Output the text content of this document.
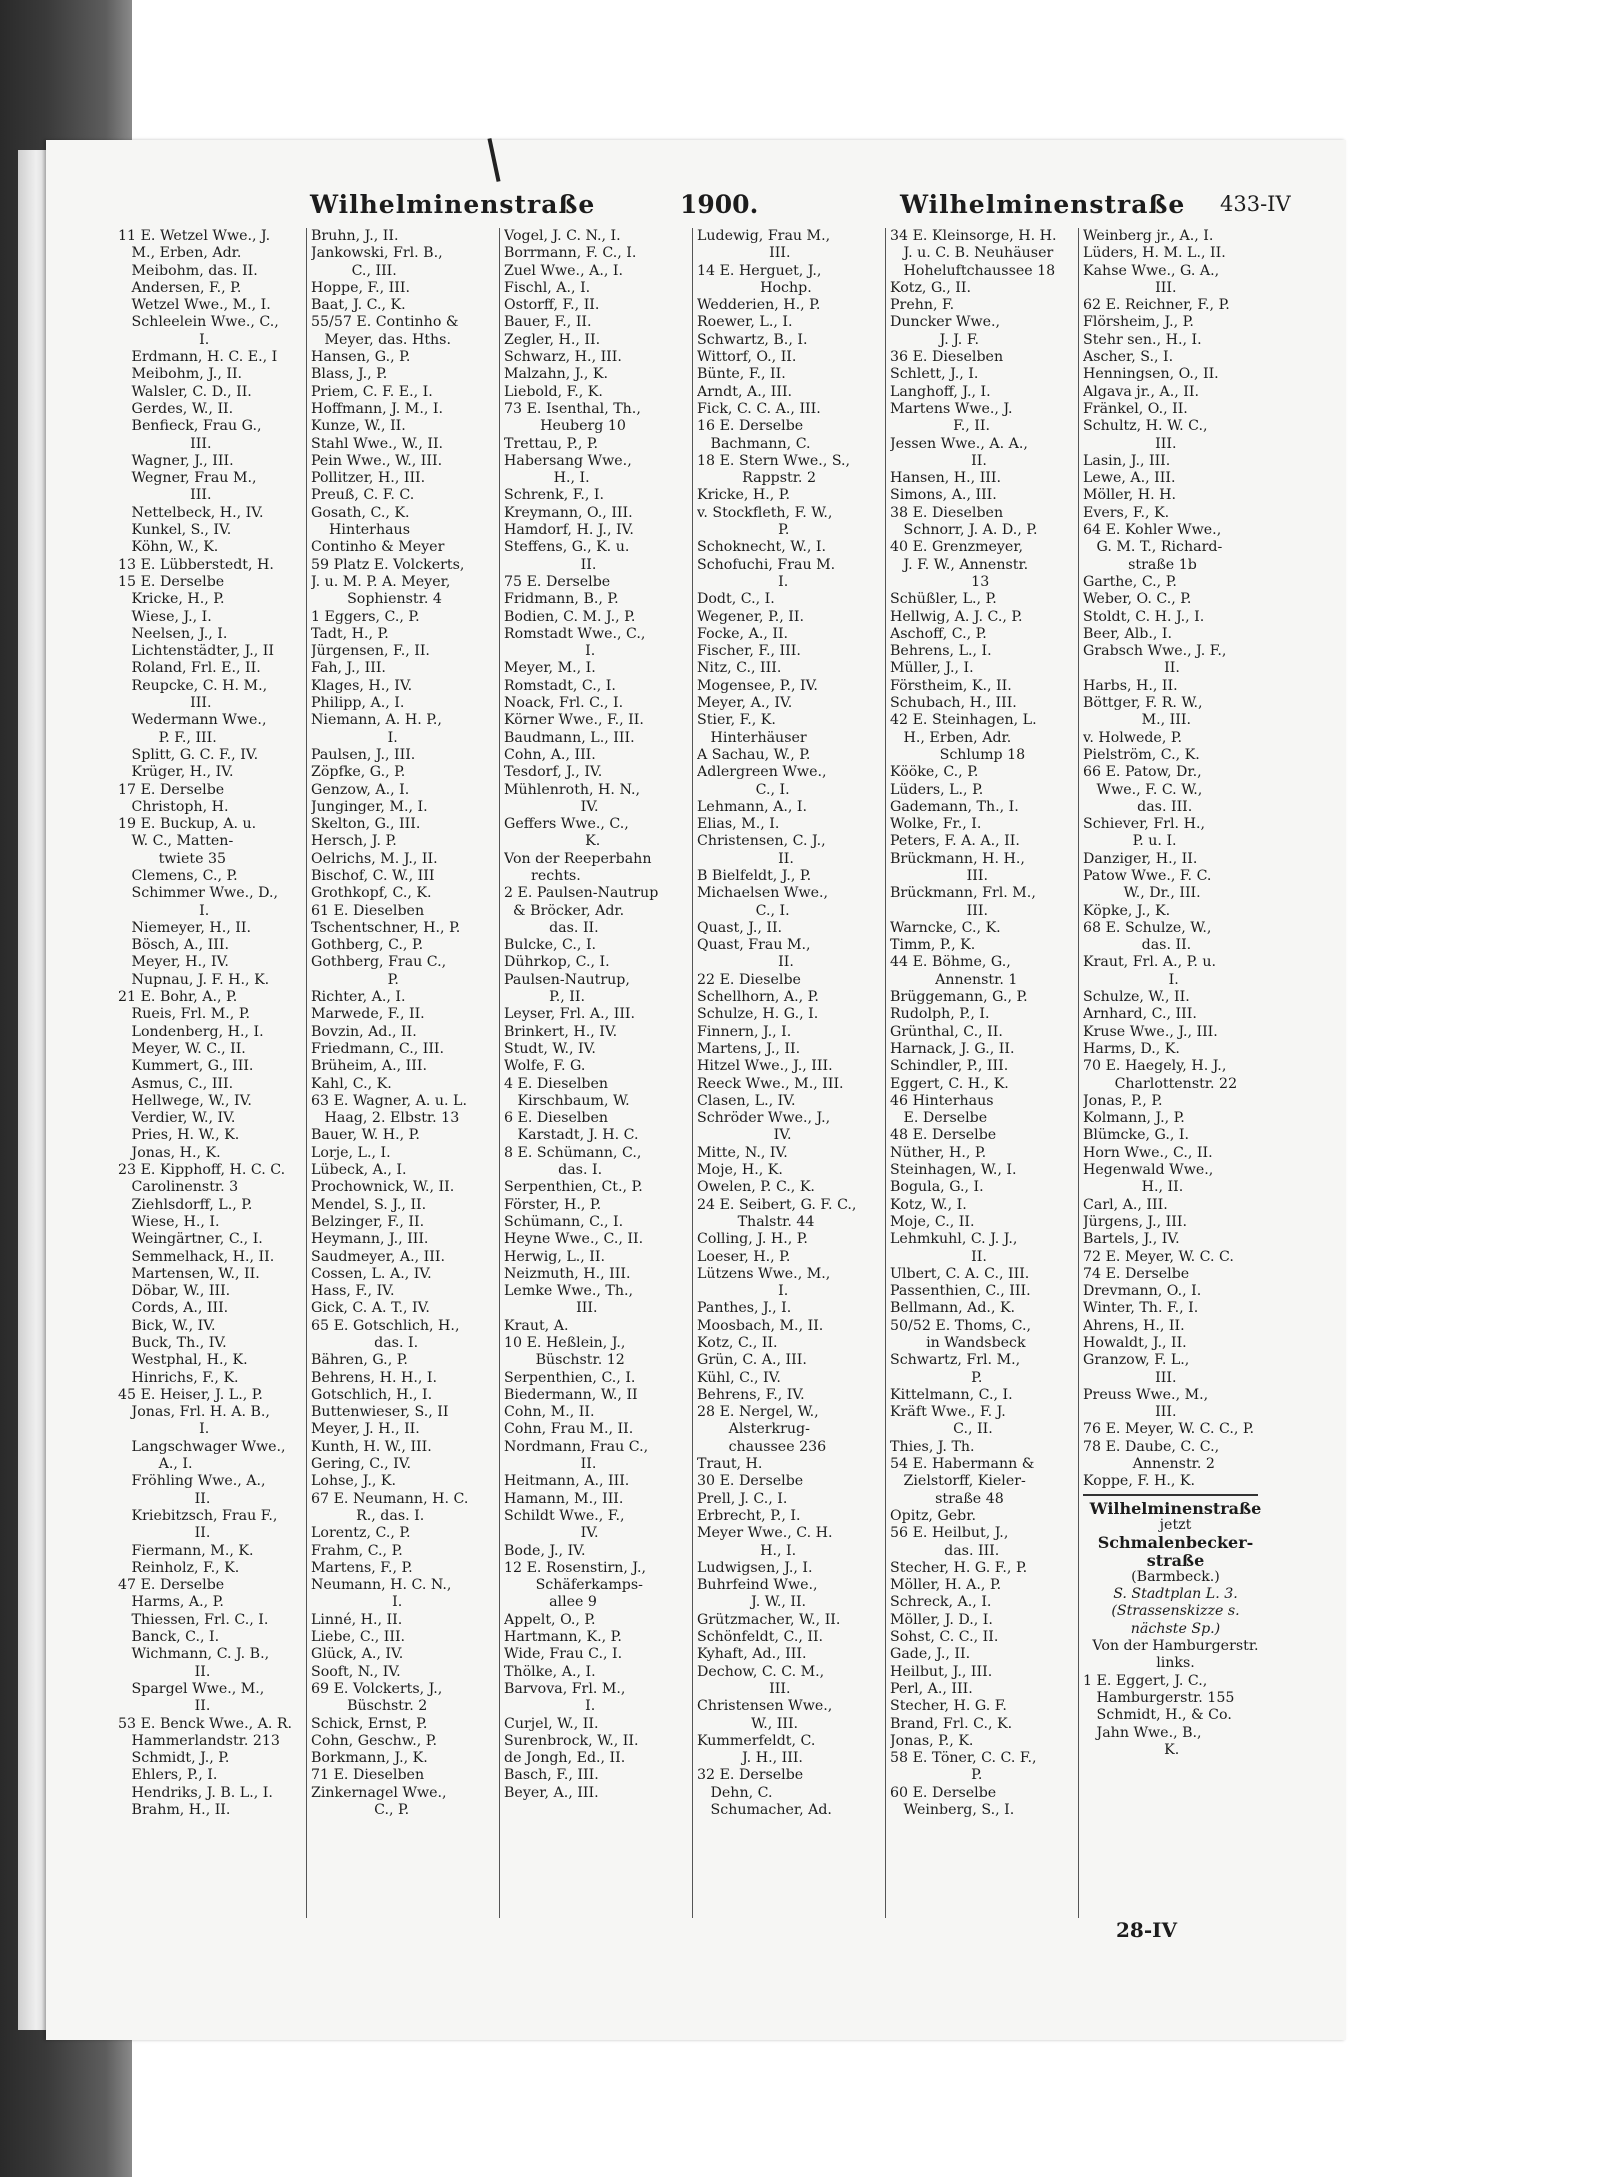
Wilhelminenstraße	1900.	Wilhelminenstraße 433-IV
11 E. Wetzel Wwe., J.
M., Erben, Adr.
Meibohm, das. II.
Andersen, F., P.
Wetzel Wwe., M., I.
Schleelein Wwe., C.,
I.
Erdmann, H. C. E., I
Meibohm, J., II.
Walsler, C. D., II.
Gerdes, W., II.
Benfieck, Frau G.,
III.
Wagner, J., III.
Wegner, Frau M.,
III.
Nettelbeck, H., IV.
Kunkel, S., IV.
Köhn, W., K.
13 E. Lübberstedt, H.
15 E. Derselbe
Kricke, H., P.
Wiese, J., I.
Neelsen, J., I.
Lichtenstädter, J., II
Roland, Frl. E., II.
Reupcke, C. H. M.,
III.
Wedermann Wwe.,
P. F., III.
Splitt, G. C. F., IV.
Krüger, H., IV.
17 E. Derselbe
Christoph, H.
19 E. Buckup, A. u.
W. C., Matten-
twiete 35
Clemens, C., P.
Schimmer Wwe., D.,
I.
Niemeyer, H., II.
Bösch, A., III.
Meyer, H., IV.
Nupnau, J. F. H., K.
21 E. Bohr, A., P.
Rueis, Frl. M., P.
Londenberg, H., I.
Meyer, W. C., II.
Kummert, G., III.
Asmus, C., III.
Hellwege, W., IV.
Verdier, W., IV.
Pries, H. W., K.
Jonas, H., K.
23 E. Kipphoff, H. C. C.
Carolinenstr. 3
Ziehlsdorff, L., P.
Wiese, H., I.
Weingärtner, C., I.
Semmelhack, H., II.
Martensen, W., II.
Döbar, W., III.
Cords, A., III.
Bick, W., IV.
Buck, Th., IV.
Westphal, H., K.
Hinrichs, F., K.
45 E. Heiser, J. L., P.
Jonas, Frl. H. A. B.,
I.
Langschwager Wwe.,
A., I.
Fröhling Wwe., A.,
II.
Kriebitzsch, Frau F.,
II.
Fiermann, M., K.
Reinholz, F., K.
47 E. Derselbe
Harms, A., P.
Thiessen, Frl. C., I.
Banck, C., I.
Wichmann, C. J. B.,
II.
Spargel Wwe., M.,
II.
53 E. Benck Wwe., A. R.
Hammerlandstr. 213
Schmidt, J., P.
Ehlers, P., I.
Hendriks, J. B. L., I.
Brahm, H., II.
Bruhn, J., II.
Jankowski, Frl. B.,
C., III.
Hoppe, F., III.
Baat, J. C., K.
55/57 E. Continho &
Meyer, das. Hths.
Hansen, G., P.
Blass, J., P.
Priem, C. F. E., I.
Hoffmann, J. M., I.
Kunze, W., II.
Stahl Wwe., W., II.
Pein Wwe., W., III.
Pollitzer, H., III.
Preuß, C. F. C.
Gosath, C., K.
Hinterhaus
Continho & Meyer
59 Platz E. Volckerts,
J. u. M. P. A. Meyer,
Sophienstr. 4
1 Eggers, C., P.
Tadt, H., P.
Jürgensen, F., II.
Fah, J., III.
Klages, H., IV.
Philipp, A., I.
Niemann, A. H. P.,
I.
Paulsen, J., III.
Zöpfke, G., P.
Genzow, A., I.
Junginger, M., I.
Skelton, G., III.
Hersch, J. P.
Oelrichs, M. J., II.
Bischof, C. W., III
Grothkopf, C., K.
61 E. Dieselben
Tschentschner, H., P.
Gothberg, C., P.
Gothberg, Frau C.,
P.
Richter, A., I.
Marwede, F., II.
Bovzin, Ad., II.
Friedmann, C., III.
Brüheim, A., III.
Kahl, C., K.
63 E. Wagner, A. u. L.
Haag, 2. Elbstr. 13
Bauer, W. H., P.
Lorje, L., I.
Lübeck, A., I.
Prochownick, W., II.
Mendel, S. J., II.
Belzinger, F., II.
Heymann, J., III.
Saudmeyer, A., III.
Cossen, L. A., IV.
Hass, F., IV.
Gick, C. A. T., IV.
65 E. Gotschlich, H.,
das. I.
Bähren, G., P.
Behrens, H. H., I.
Gotschlich, H., I.
Buttenwieser, S., II
Meyer, J. H., II.
Kunth, H. W., III.
Gering, C., IV.
Lohse, J., K.
67 E. Neumann, H. C.
R., das. I.
Lorentz, C., P.
Frahm, C., P.
Martens, F., P.
Neumann, H. C. N.,
I.
Linné, H., II.
Liebe, C., III.
Glück, A., IV.
Sooft, N., IV.
69 E. Volckerts, J.,
Büschstr. 2
Schick, Ernst, P.
Cohn, Geschw., P.
Borkmann, J., K.
71 E. Dieselben
Zinkernagel Wwe.,
C., P.
Vogel, J. C. N., I.
Borrmann, F. C., I.
Zuel Wwe., A., I.
Fischl, A., I.
Ostorff, F., II.
Bauer, F., II.
Zegler, H., II.
Schwarz, H., III.
Malzahn, J., K.
Liebold, F., K.
73 E. Isenthal, Th.,
Heuberg 10
Trettau, P., P.
Habersang Wwe.,
H., I.
Schrenk, F., I.
Kreymann, O., III.
Hamdorf, H. J., IV.
Steffens, G., K. u.
II.
75 E. Derselbe
Fridmann, B., P.
Bodien, C. M. J., P.
Romstadt Wwe., C.,
I.
Meyer, M., I.
Romstadt, C., I.
Noack, Frl. C., I.
Körner Wwe., F., II.
Baudmann, L., III.
Cohn, A., III.
Tesdorf, J., IV.
Mühlenroth, H. N.,
IV.
Geffers Wwe., C.,
K.
Von der Reeperbahn
rechts.
2 E. Paulsen-Nautrup
& Bröcker, Adr.
das. II.
Bulcke, C., I.
Dührkop, C., I.
Paulsen-Nautrup,
P., II.
Leyser, Frl. A., III.
Brinkert, H., IV.
Studt, W., IV.
Wolfe, F. G.
4 E. Dieselben
Kirschbaum, W.
6 E. Dieselben
Karstadt, J. H. C.
8 E. Schümann, C.,
das. I.
Serpenthien, Ct., P.
Förster, H., P.
Schümann, C., I.
Heyne Wwe., C., II.
Herwig, L., II.
Neizmuth, H., III.
Lemke Wwe., Th.,
III.
Kraut, A.
10 E. Heßlein, J.,
Büschstr. 12
Serpenthien, C., I.
Biedermann, W., II
Cohn, M., II.
Cohn, Frau M., II.
Nordmann, Frau C.,
II.
Heitmann, A., III.
Hamann, M., III.
Schildt Wwe., F.,
IV.
Bode, J., IV.
12 E. Rosenstirn, J.,
Schäferkamps-
allee 9
Appelt, O., P.
Hartmann, K., P.
Wide, Frau C., I.
Thölke, A., I.
Barvova, Frl. M.,
I.
Curjel, W., II.
Surenbrock, W., II.
de Jongh, Ed., II.
Basch, F., III.
Beyer, A., III.
Ludewig, Frau M.,
III.
14 E. Herguet, J.,
Hochp.
Wedderien, H., P.
Roewer, L., I.
Schwartz, B., I.
Wittorf, O., II.
Bünte, F., II.
Arndt, A., III.
Fick, C. C. A., III.
16 E. Derselbe
Bachmann, C.
18 E. Stern Wwe., S.,
Rappstr. 2
Kricke, H., P.
v. Stockfleth, F. W.,
P.
Schoknecht, W., I.
Schofuchi, Frau M.
I.
Dodt, C., I.
Wegener, P., II.
Focke, A., II.
Fischer, F., III.
Nitz, C., III.
Mogensee, P., IV.
Meyer, A., IV.
Stier, F., K.
Hinterhäuser
A Sachau, W., P.
Adlergreen Wwe.,
C., I.
Lehmann, A., I.
Elias, M., I.
Christensen, C. J.,
II.
B Bielfeldt, J., P.
Michaelsen Wwe.,
C., I.
Quast, J., II.
Quast, Frau M.,
II.
22 E. Dieselbe
Schellhorn, A., P.
Schulze, H. G., I.
Finnern, J., I.
Martens, J., II.
Hitzel Wwe., J., III.
Reeck Wwe., M., III.
Clasen, L., IV.
Schröder Wwe., J.,
IV.
Mitte, N., IV.
Moje, H., K.
Owelen, P. C., K.
24 E. Seibert, G. F. C.,
Thalstr. 44
Colling, J. H., P.
Loeser, H., P.
Lützens Wwe., M.,
I.
Panthes, J., I.
Moosbach, M., II.
Kotz, C., II.
Grün, C. A., III.
Kühl, C., IV.
Behrens, F., IV.
28 E. Nergel, W.,
Alsterkrug-
chaussee 236
Traut, H.
30 E. Derselbe
Prell, J. C., I.
Erbrecht, P., I.
Meyer Wwe., C. H.
H., I.
Ludwigsen, J., I.
Buhrfeind Wwe.,
J. W., II.
Grützmacher, W., II.
Schönfeldt, C., II.
Kyhaft, Ad., III.
Dechow, C. C. M.,
III.
Christensen Wwe.,
W., III.
Kummerfeldt, C.
J. H., III.
32 E. Derselbe
Dehn, C.
Schumacher, Ad.
34 E. Kleinsorge, H. H.
J. u. C. B. Neuhäuser
Hoheluftchaussee 18
Kotz, G., II.
Prehn, F.
Duncker Wwe.,
J. J. F.
36 E. Dieselben
Schlett, J., I.
Langhoff, J., I.
Martens Wwe., J.
F., II.
Jessen Wwe., A. A.,
II.
Hansen, H., III.
Simons, A., III.
38 E. Dieselben
Schnorr, J. A. D., P.
40 E. Grenzmeyer,
J. F. W., Annenstr.
13
Schüßler, L., P.
Hellwig, A. J. C., P.
Aschoff, C., P.
Behrens, L., I.
Müller, J., I.
Förstheim, K., II.
Schubach, H., III.
42 E. Steinhagen, L.
H., Erben, Adr.
Schlump 18
Kööke, C., P.
Lüders, L., P.
Gademann, Th., I.
Wolke, Fr., I.
Peters, F. A. A., II.
Brückmann, H. H.,
III.
Brückmann, Frl. M.,
III.
Warncke, C., K.
Timm, P., K.
44 E. Böhme, G.,
Annenstr. 1
Brüggemann, G., P.
Rudolph, P., I.
Grünthal, C., II.
Harnack, J. G., II.
Schindler, P., III.
Eggert, C. H., K.
46 Hinterhaus
E. Derselbe
48 E. Derselbe
Nüther, H., P.
Steinhagen, W., I.
Bogula, G., I.
Kotz, W., I.
Moje, C., II.
Lehmkuhl, C. J. J.,
II.
Ulbert, C. A. C., III.
Passenthien, C., III.
Bellmann, Ad., K.
50/52 E. Thoms, C.,
in Wandsbeck
Schwartz, Frl. M.,
P.
Kittelmann, C., I.
Kräft Wwe., F. J.
C., II.
Thies, J. Th.
54 E. Habermann &
Zielstorff, Kieler-
straße 48
Opitz, Gebr.
56 E. Heilbut, J.,
das. III.
Stecher, H. G. F., P.
Möller, H. A., P.
Schreck, A., I.
Möller, J. D., I.
Sohst, C. C., II.
Gade, J., II.
Heilbut, J., III.
Perl, A., III.
Stecher, H. G. F.
Brand, Frl. C., K.
Jonas, P., K.
58 E. Töner, C. C. F.,
P.
60 E. Derselbe
Weinberg, S., I.
Weinberg jr., A., I.
Lüders, H. M. L., II.
Kahse Wwe., G. A.,
III.
62 E. Reichner, F., P.
Flörsheim, J., P.
Stehr sen., H., I.
Ascher, S., I.
Henningsen, O., II.
Algava jr., A., II.
Fränkel, O., II.
Schultz, H. W. C.,
III.
Lasin, J., III.
Lewe, A., III.
Möller, H. H.
Evers, F., K.
64 E. Kohler Wwe.,
G. M. T., Richard-
straße 1b
Garthe, C., P.
Weber, O. C., P.
Stoldt, C. H. J., I.
Beer, Alb., I.
Grabsch Wwe., J. F.,
II.
Harbs, H., II.
Böttger, F. R. W.,
M., III.
v. Holwede, P.
Pielström, C., K.
66 E. Patow, Dr.,
Wwe., F. C. W.,
das. III.
Schiever, Frl. H.,
P. u. I.
Danziger, H., II.
Patow Wwe., F. C.
W., Dr., III.
Köpke, J., K.
68 E. Schulze, W.,
das. II.
Kraut, Frl. A., P. u.
I.
Schulze, W., II.
Arnhard, C., III.
Kruse Wwe., J., III.
Harms, D., K.
70 E. Haegely, H. J.,
Charlottenstr. 22
Jonas, P., P.
Kolmann, J., P.
Blümcke, G., I.
Horn Wwe., C., II.
Hegenwald Wwe.,
H., II.
Carl, A., III.
Jürgens, J., III.
Bartels, J., IV.
72 E. Meyer, W. C. C.
74 E. Derselbe
Drevmann, O., I.
Winter, Th. F., I.
Ahrens, H., II.
Howaldt, J., II.
Granzow, F. L.,
III.
Preuss Wwe., M.,
III.
76 E. Meyer, W. C. C., P.
78 E. Daube, C. C.,
Annenstr. 2
Koppe, F. H., K.
Wilhelminenstraße
jetzt
Schmalenbecker-
straße
(Barmbeck.)
S. Stadtplan L. 3.
(Strassenskizze s.
nächste Sp.)
Von der Hamburgerstr.
links.
1 E. Eggert, J. C.,
Hamburgerstr. 155
Schmidt, H., & Co.
Jahn Wwe., B.,
K.
28-IV
